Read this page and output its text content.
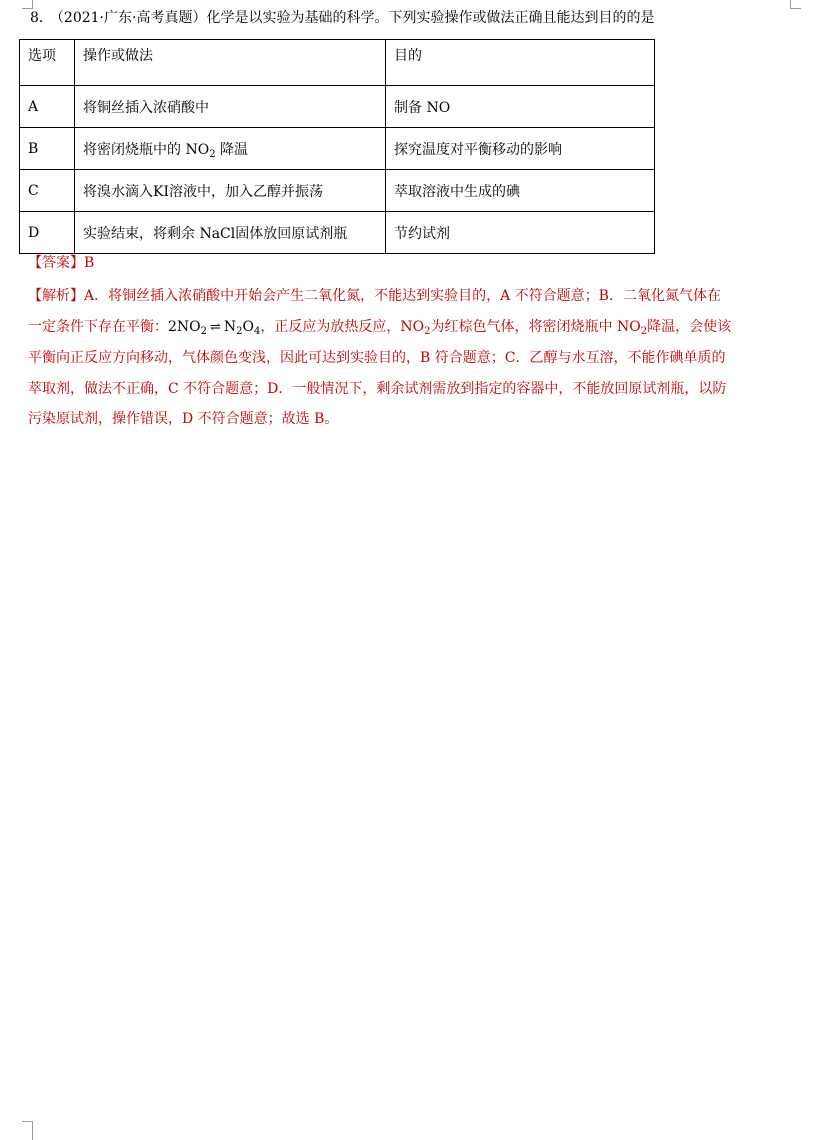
8． （2021·广东·高考真题）化学是以实验为基础的科学。下列实验操作或做法正确且能达到目的的是
选项	操作或做法	目的
A	将铜丝插入浓硝酸中	制备 NO
B	将密闭烧瓶中的 $NO_2$ 降温	探究温度对平衡移动的影响
C	将溴水滴入KI溶液中，加入乙醇并振荡	萃取溶液中生成的碘
D	实验结束，将剩余 NaCl固体放回原试剂瓶	节约试剂
【答案】B
【解析】A．将铜丝插入浓硝酸中开始会产生二氧化氮，不能达到实验目的，A 不符合题意；B．二氧化氮气体在
一定条件下存在平衡：$2NO_2$ ⇌ $N_2O_4$，正反应为放热反应，$NO_2$为红棕色气体，将密闭烧瓶中 $NO_2$降温，会使该
平衡向正反应方向移动，气体颜色变浅，因此可达到实验目的，B 符合题意；C．乙醇与水互溶，不能作碘单质的
萃取剂，做法不正确，C 不符合题意；D．一般情况下，剩余试剂需放到指定的容器中，不能放回原试剂瓶，以防
污染原试剂，操作错误，D 不符合题意；故选 B。
